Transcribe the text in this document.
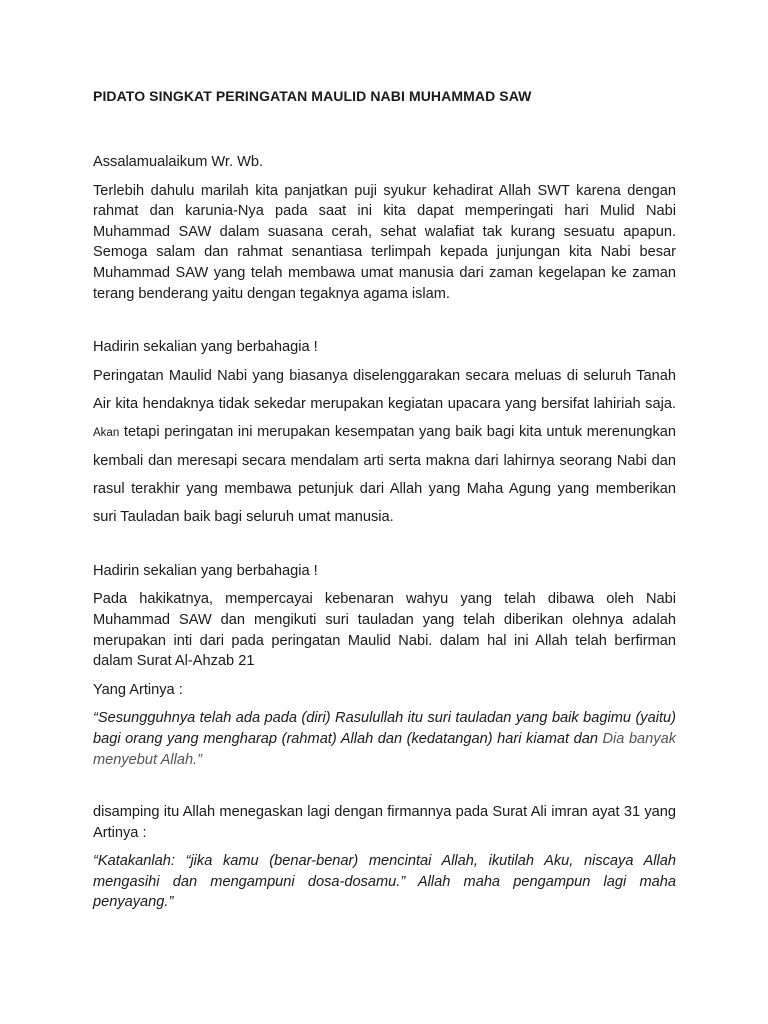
PIDATO SINGKAT PERINGATAN MAULID NABI MUHAMMAD SAW

Assalamualaikum Wr. Wb.

Terlebih dahulu marilah kita panjatkan puji syukur kehadirat Allah SWT karena dengan rahmat dan karunia-Nya pada saat ini kita dapat memperingati hari Mulid Nabi Muhammad SAW dalam suasana cerah, sehat walafiat tak kurang sesuatu apapun. Semoga salam dan rahmat senantiasa terlimpah kepada junjungan kita Nabi besar Muhammad SAW yang telah membawa umat manusia dari zaman kegelapan ke zaman terang benderang yaitu dengan tegaknya agama islam.

Hadirin sekalian yang berbahagia !

Peringatan Maulid Nabi yang biasanya diselenggarakan secara meluas di seluruh Tanah Air kita hendaknya tidak sekedar merupakan kegiatan upacara yang bersifat lahiriah saja. Akan tetapi peringatan ini merupakan kesempatan yang baik bagi kita untuk merenungkan kembali dan meresapi secara mendalam arti serta makna dari lahirnya seorang Nabi dan rasul terakhir yang membawa petunjuk dari Allah yang Maha Agung yang memberikan suri Tauladan baik bagi seluruh umat manusia.

Hadirin sekalian yang berbahagia !

Pada hakikatnya, mempercayai kebenaran wahyu yang telah dibawa oleh Nabi Muhammad SAW dan mengikuti suri tauladan yang telah diberikan olehnya adalah merupakan inti dari pada peringatan Maulid Nabi. dalam hal ini Allah telah berfirman dalam Surat Al-Ahzab 21

Yang Artinya :

“Sesungguhnya telah ada pada (diri) Rasulullah itu suri tauladan yang baik bagimu (yaitu) bagi orang yang mengharap (rahmat) Allah dan (kedatangan) hari kiamat dan Dia banyak menyebut Allah.”

disamping itu Allah menegaskan lagi dengan firmannya pada Surat Ali imran ayat 31 yang Artinya :

“Katakanlah: “jika kamu (benar-benar) mencintai Allah, ikutilah Aku, niscaya Allah mengasihi dan mengampuni dosa-dosamu.” Allah maha pengampun lagi maha penyayang.”
